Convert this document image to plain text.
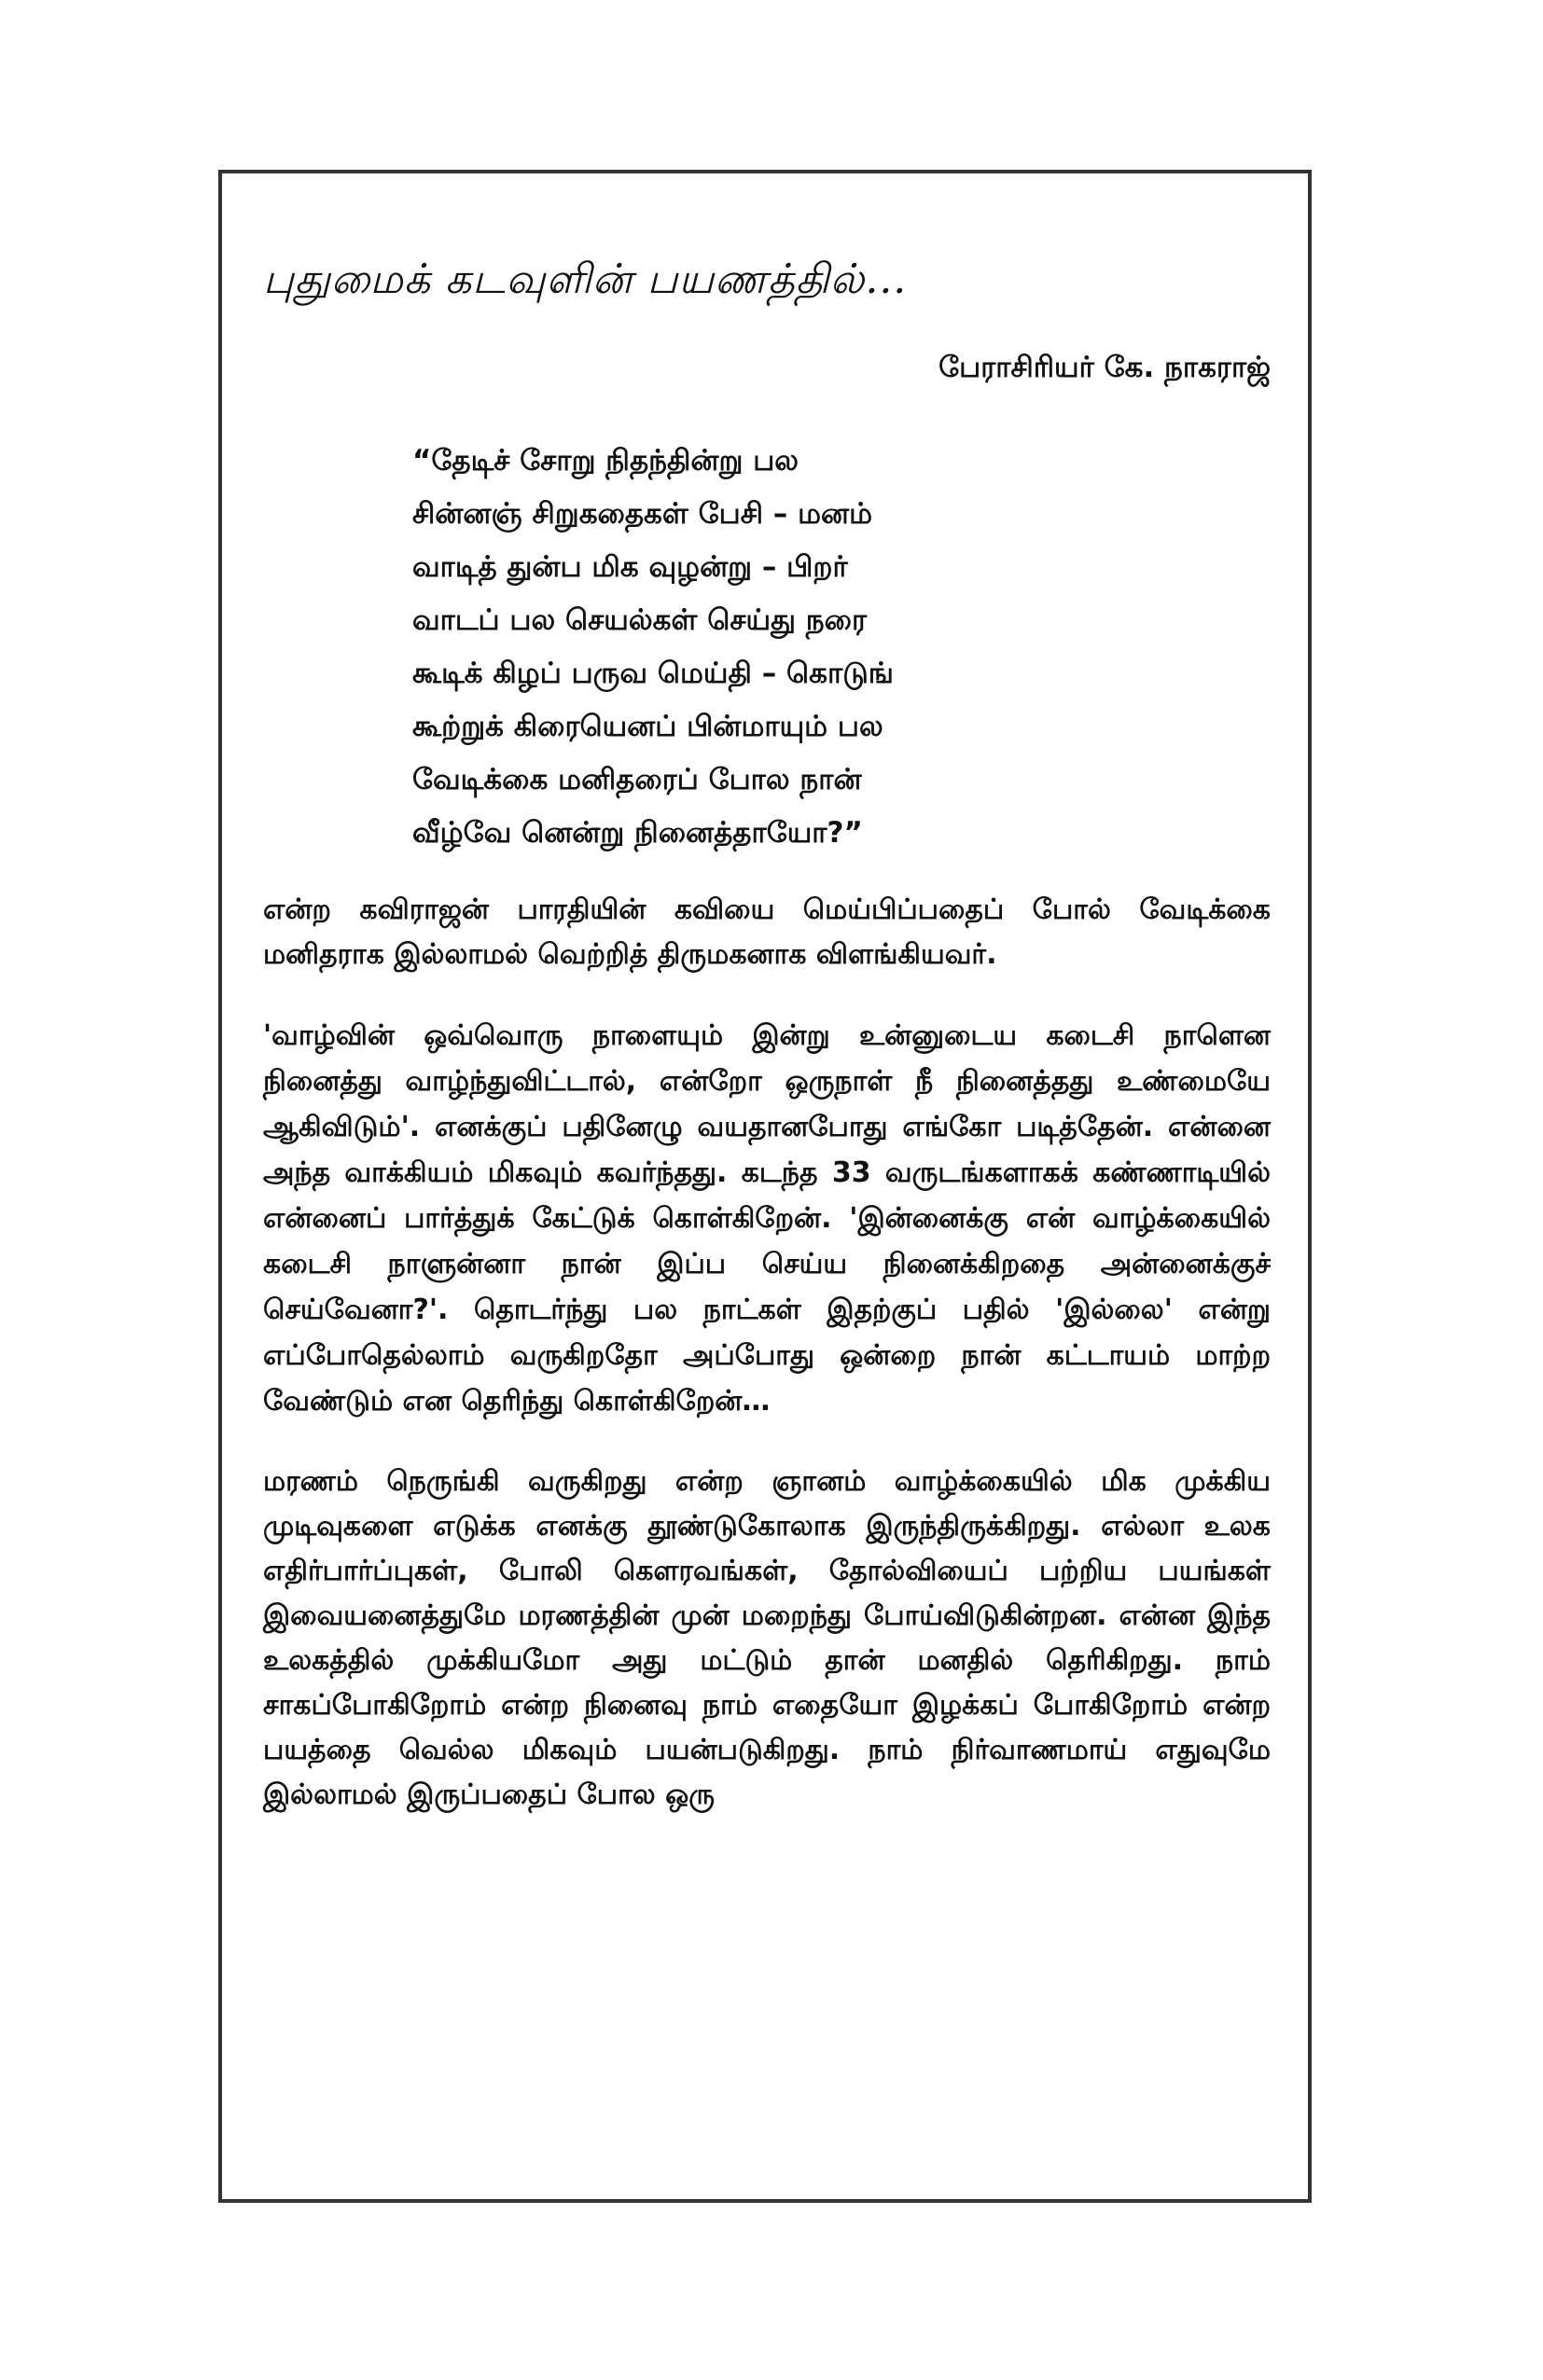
புதுமைக் கடவுளின் பயணத்தில்...
பேராசிரியர் கே. நாகராஜ்
“தேடிச் சோறு நிதந்தின்று பல
சின்னஞ் சிறுகதைகள் பேசி – மனம்
வாடித் துன்ப மிக வுழன்று – பிறர்
வாடப் பல செயல்கள் செய்து நரை
கூடிக் கிழப் பருவ மெய்தி – கொடுங்
கூற்றுக் கிரையெனப் பின்மாயும் பல
வேடிக்கை மனிதரைப் போல நான்
வீழ்வே னென்று நினைத்தாயோ?”

என்ற கவிராஜன் பாரதியின் கவியை மெய்பிப்பதைப் போல் வேடிக்கை மனிதராக இல்லாமல் வெற்றித் திருமகனாக விளங்கியவர்.

'வாழ்வின் ஒவ்வொரு நாளையும் இன்று உன்னுடைய கடைசி நாளென நினைத்து வாழ்ந்துவிட்டால், என்றோ ஒருநாள் நீ நினைத்தது உண்மையே ஆகிவிடும்'. எனக்குப் பதினேழு வயதானபோது எங்கோ படித்தேன். என்னை அந்த வாக்கியம் மிகவும் கவர்ந்தது. கடந்த 33 வருடங்களாகக் கண்ணாடியில் என்னைப் பார்த்துக் கேட்டுக் கொள்கிறேன். 'இன்னைக்கு என் வாழ்க்கையில் கடைசி நாளுன்னா நான் இப்ப செய்ய நினைக்கிறதை அன்னைக்குச் செய்வேனா?'. தொடர்ந்து பல நாட்கள் இதற்குப் பதில் 'இல்லை' என்று எப்போதெல்லாம் வருகிறதோ அப்போது ஒன்றை நான் கட்டாயம் மாற்ற வேண்டும் என தெரிந்து கொள்கிறேன்…

மரணம் நெருங்கி வருகிறது என்ற ஞானம் வாழ்க்கையில் மிக முக்கிய முடிவுகளை எடுக்க எனக்கு தூண்டுகோலாக இருந்திருக்கிறது. எல்லா உலக எதிர்பார்ப்புகள், போலி கௌரவங்கள், தோல்வியைப் பற்றிய பயங்கள் இவையனைத்துமே மரணத்தின் முன் மறைந்து போய்விடுகின்றன. என்ன இந்த உலகத்தில் முக்கியமோ அது மட்டும் தான் மனதில் தெரிகிறது. நாம் சாகப்போகிறோம் என்ற நினைவு நாம் எதையோ இழக்கப் போகிறோம் என்ற பயத்தை வெல்ல மிகவும் பயன்படுகிறது. நாம் நிர்வாணமாய் எதுவுமே இல்லாமல் இருப்பதைப் போல ஒரு
